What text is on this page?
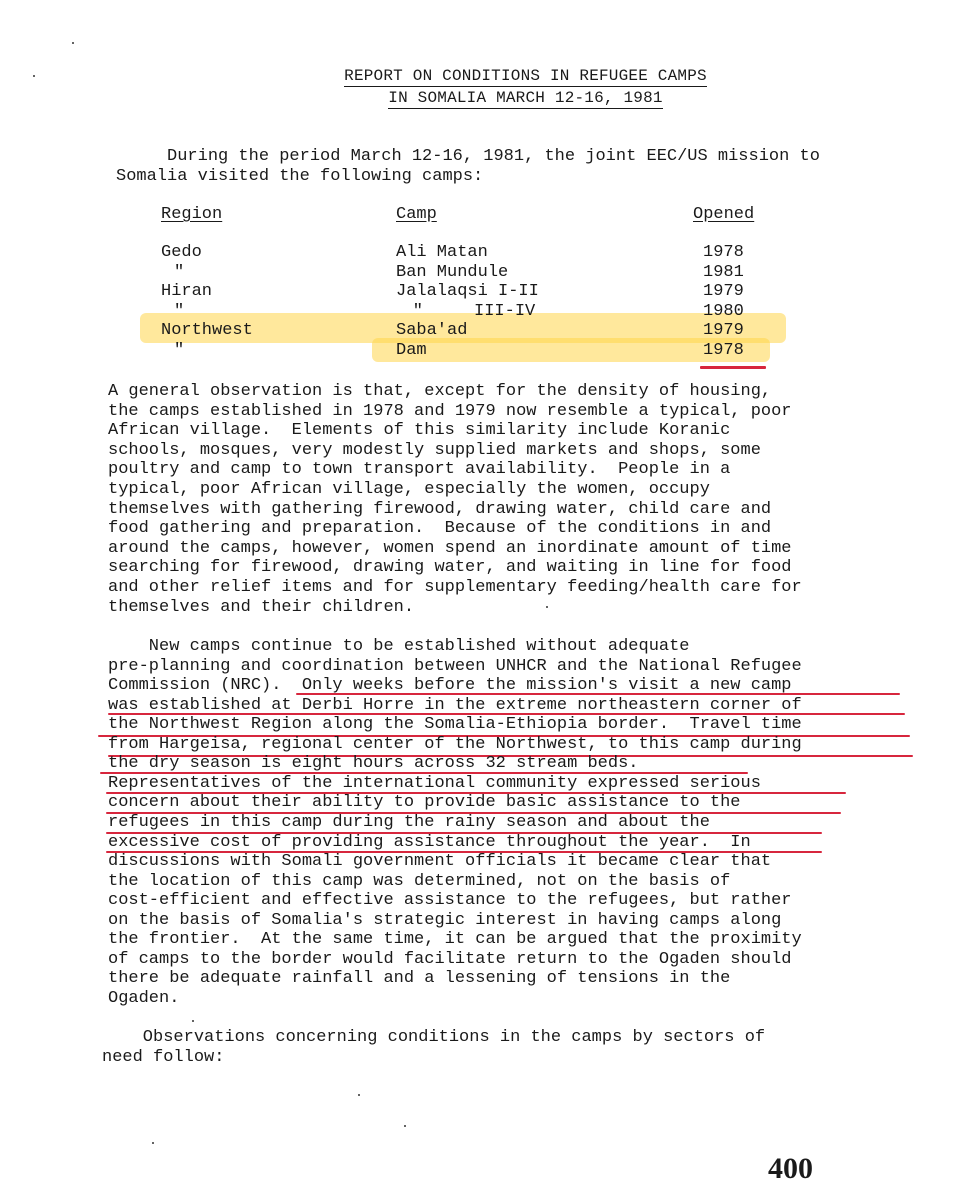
REPORT ON CONDITIONS IN REFUGEE CAMPS
IN SOMALIA MARCH 12-16, 1981
During the period March 12-16, 1981, the joint EEC/US mission to
Somalia visited the following camps:
Region	Camp	Opened
Gedo	Ali Matan	1978
"	Ban Mundule	1981
Hiran	Jalalaqsi I-II	1979
"	"     III-IV	1980
Northwest	Saba'ad	1979
"	Dam	1978
A general observation is that, except for the density of housing,
the camps established in 1978 and 1979 now resemble a typical, poor
African village.  Elements of this similarity include Koranic
schools, mosques, very modestly supplied markets and shops, some
poultry and camp to town transport availability.  People in a
typical, poor African village, especially the women, occupy
themselves with gathering firewood, drawing water, child care and
food gathering and preparation.  Because of the conditions in and
around the camps, however, women spend an inordinate amount of time
searching for firewood, drawing water, and waiting in line for food
and other relief items and for supplementary feeding/health care for
themselves and their children.
New camps continue to be established without adequate
pre-planning and coordination between UNHCR and the National Refugee
Commission (NRC).  Only weeks before the mission's visit a new camp
was established at Derbi Horre in the extreme northeastern corner of
the Northwest Region along the Somalia-Ethiopia border.  Travel time
from Hargeisa, regional center of the Northwest, to this camp during
the dry season is eight hours across 32 stream beds.
Representatives of the international community expressed serious
concern about their ability to provide basic assistance to the
refugees in this camp during the rainy season and about the
excessive cost of providing assistance throughout the year.  In
discussions with Somali government officials it became clear that
the location of this camp was determined, not on the basis of
cost-efficient and effective assistance to the refugees, but rather
on the basis of Somalia's strategic interest in having camps along
the frontier.  At the same time, it can be argued that the proximity
of camps to the border would facilitate return to the Ogaden should
there be adequate rainfall and a lessening of tensions in the
Ogaden.
Observations concerning conditions in the camps by sectors of
need follow:
400
